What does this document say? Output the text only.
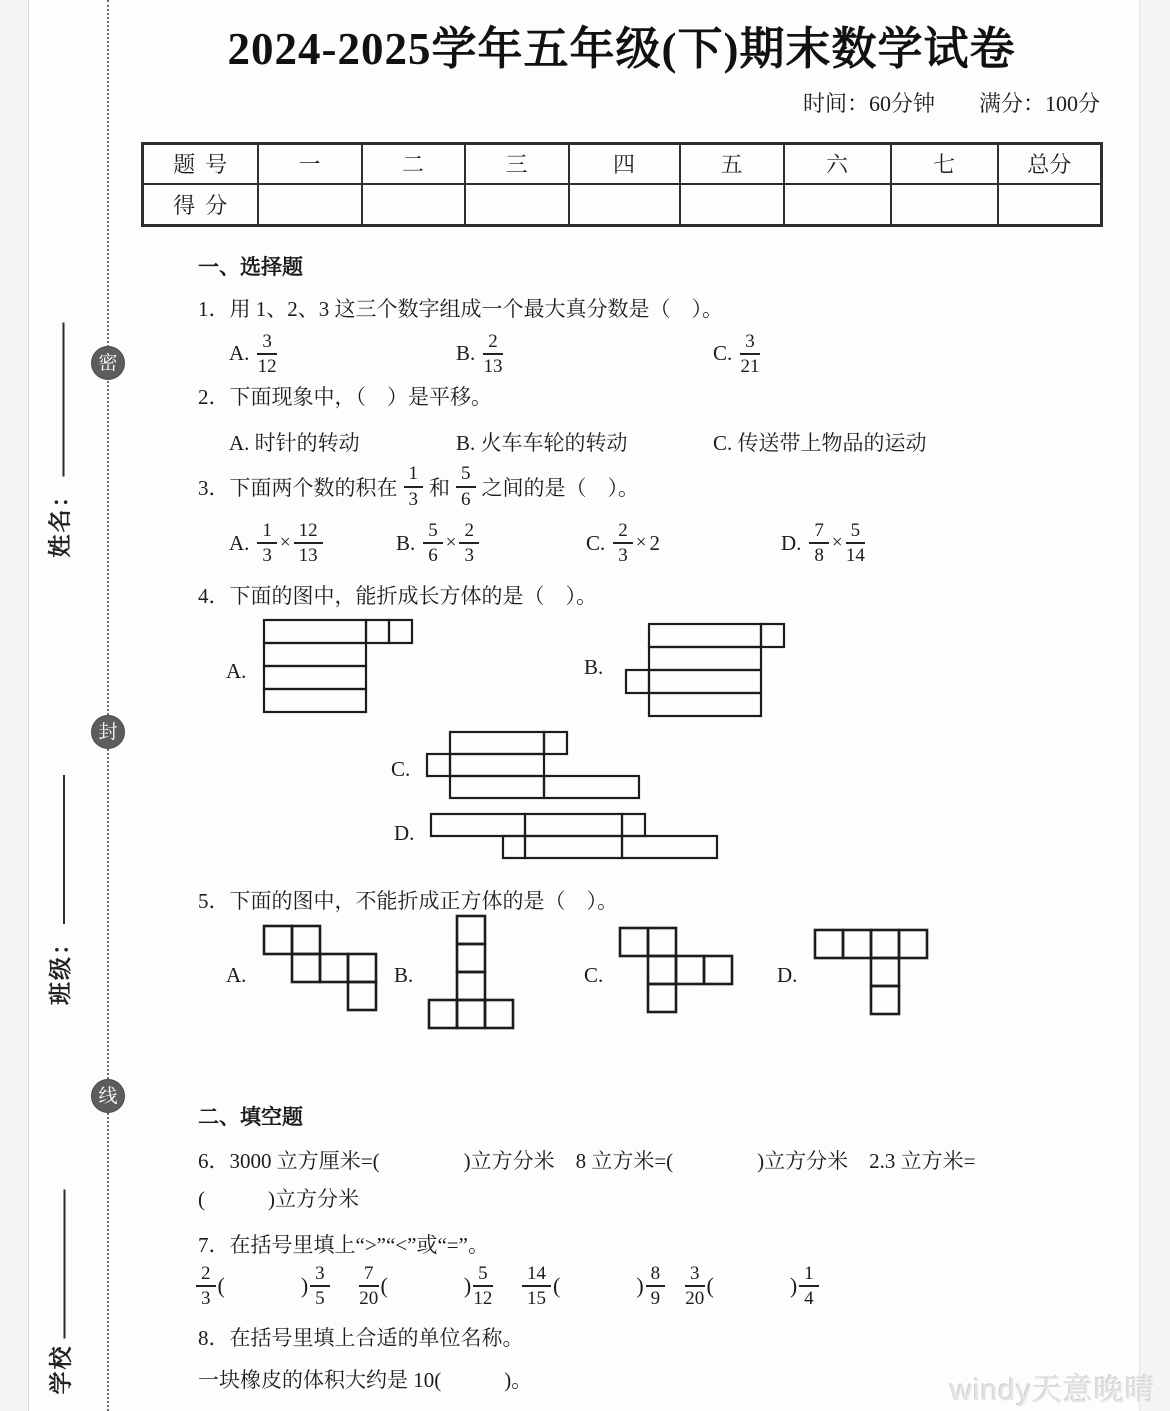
密
封
线
姓名：
班级：
学校
2024-2025学年五年级(下)期末数学试卷
时间：60分钟　　满分：100分
题号	一	二	三	四	五	六	七	总分
得分								
一、选择题

1．用 1、2、3 这三个数字组成一个最大真分数是（　）。

A. $\frac{3}{12}$	B. $\frac{2}{13}$	C. $\frac{3}{21}$

2．下面现象中，（　）是平移。

A. 时针的转动	B. 火车车轮的转动	C. 传送带上物品的运动
3．下面两个数的积在 $\frac{1}{3}$ 和 $\frac{5}{6}$ 之间的是（　）。
A. $\frac{1}{3} \times \frac{12}{13}$	B. $\frac{5}{6} \times \frac{2}{3}$	C. $\frac{2}{3} \times 2$	D. $\frac{7}{8} \times \frac{5}{14}$

4．下面的图中，能折成长方体的是（　）。

A.	B.
C.
D.

5．下面的图中，不能折成正方体的是（　）。

A.	B.	C.	D.
二、填空题

6．3000 立方厘米=(　　　　)立方分米　8 立方米=(　　　　)立方分米　2.3 立方米=

(　　　)立方分米

7．在括号里填上“>”“<”或“=”。

$\frac{2}{3}$ (	) $\frac{3}{5} \frac{7}{20}$ (	) $\frac{5}{12} \frac{14}{15}$ (	) $\frac{8}{9} \frac{3}{20}$ (	) $\frac{1}{4}$

8．在括号里填上合适的单位名称。

一块橡皮的体积大约是 10(　　　)。	windy天意晚晴
